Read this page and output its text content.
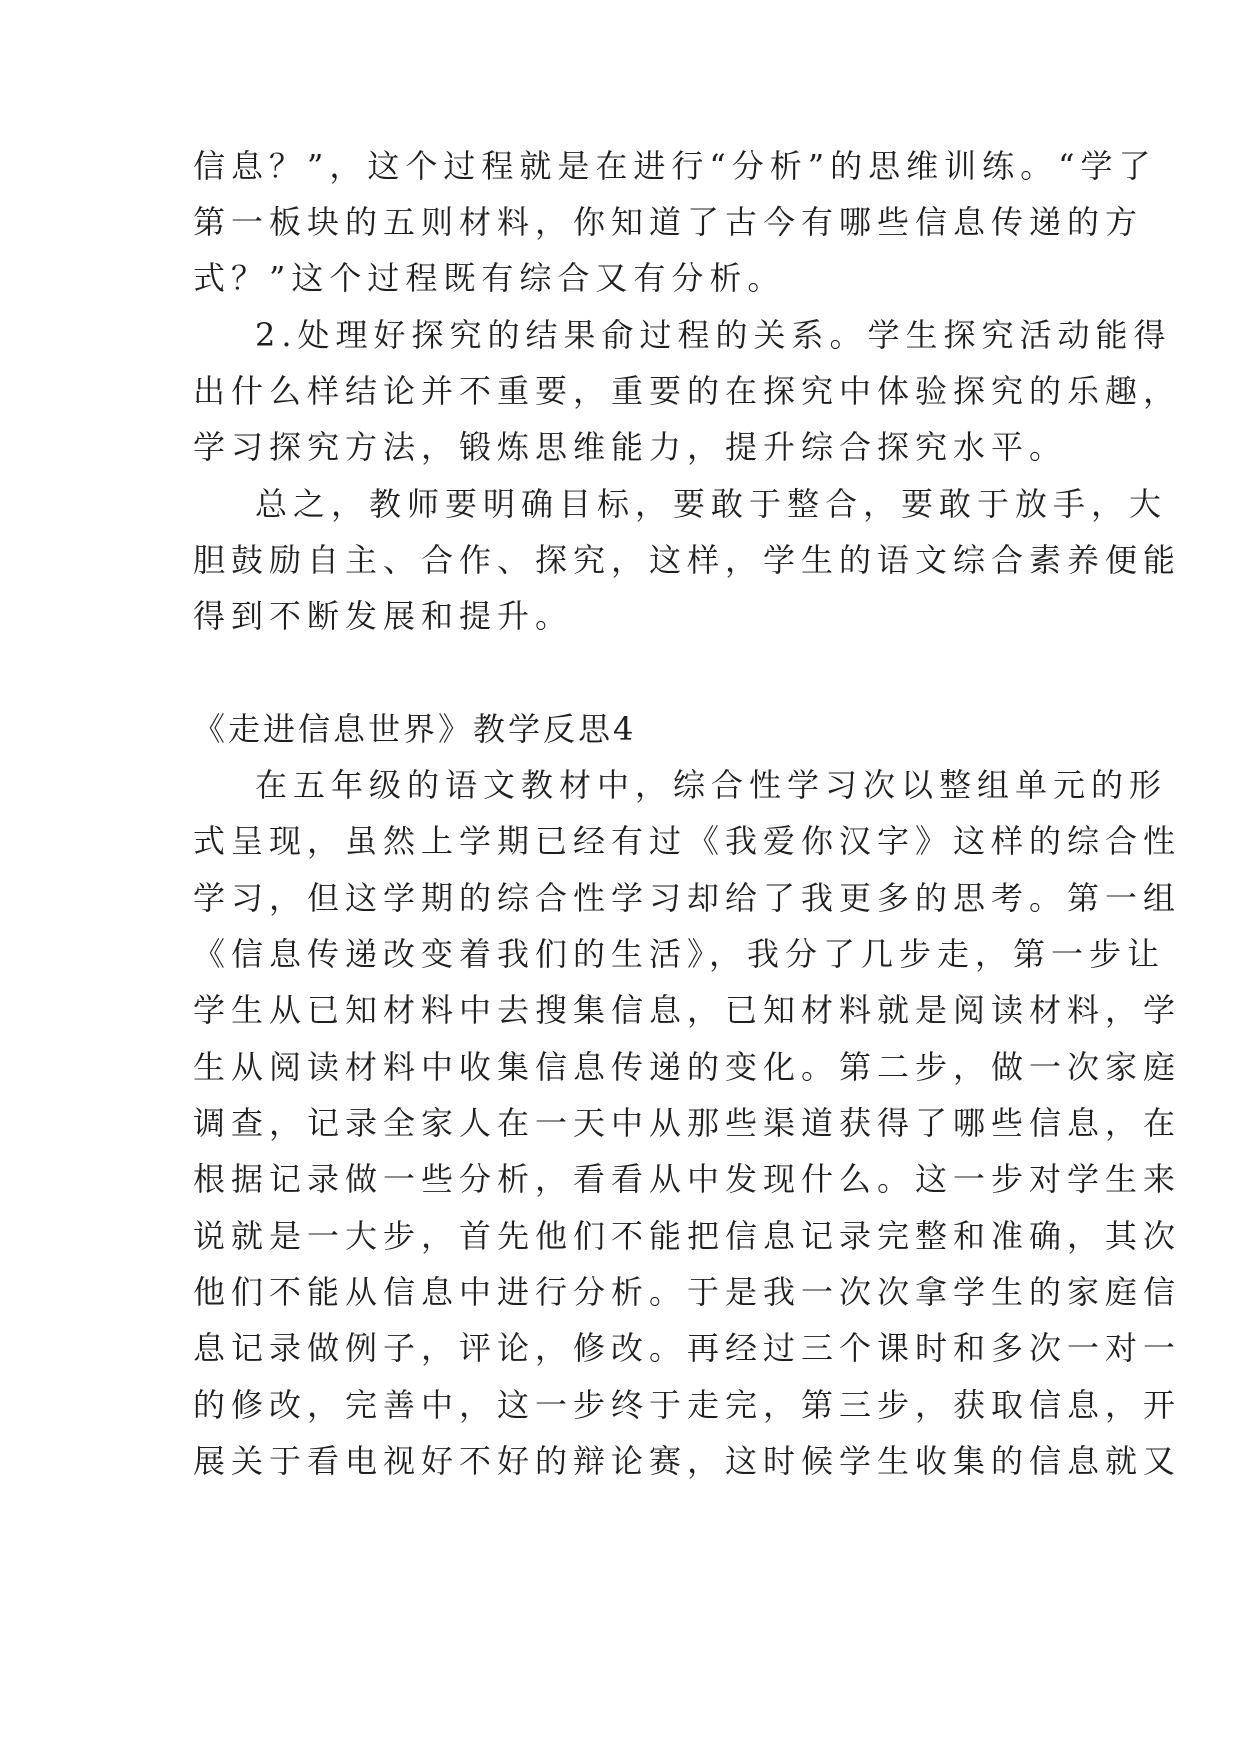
信息？”，这个过程就是在进行“分析”的思维训练。“学了
第一板块的五则材料，你知道了古今有哪些信息传递的方
式？”这个过程既有综合又有分析。
2.处理好探究的结果俞过程的关系。学生探究活动能得
出什么样结论并不重要，重要的在探究中体验探究的乐趣，
学习探究方法，锻炼思维能力，提升综合探究水平。
总之，教师要明确目标，要敢于整合，要敢于放手，大
胆鼓励自主、合作、探究，这样，学生的语文综合素养便能
得到不断发展和提升。
《走进信息世界》教学反思4
在五年级的语文教材中，综合性学习次以整组单元的形
式呈现，虽然上学期已经有过《我爱你汉字》这样的综合性
学习，但这学期的综合性学习却给了我更多的思考。第一组
《信息传递改变着我们的生活》，我分了几步走，第一步让
学生从已知材料中去搜集信息，已知材料就是阅读材料，学
生从阅读材料中收集信息传递的变化。第二步，做一次家庭
调查，记录全家人在一天中从那些渠道获得了哪些信息，在
根据记录做一些分析，看看从中发现什么。这一步对学生来
说就是一大步，首先他们不能把信息记录完整和准确，其次
他们不能从信息中进行分析。于是我一次次拿学生的家庭信
息记录做例子，评论，修改。再经过三个课时和多次一对一
的修改，完善中，这一步终于走完，第三步，获取信息，开
展关于看电视好不好的辩论赛，这时候学生收集的信息就又
